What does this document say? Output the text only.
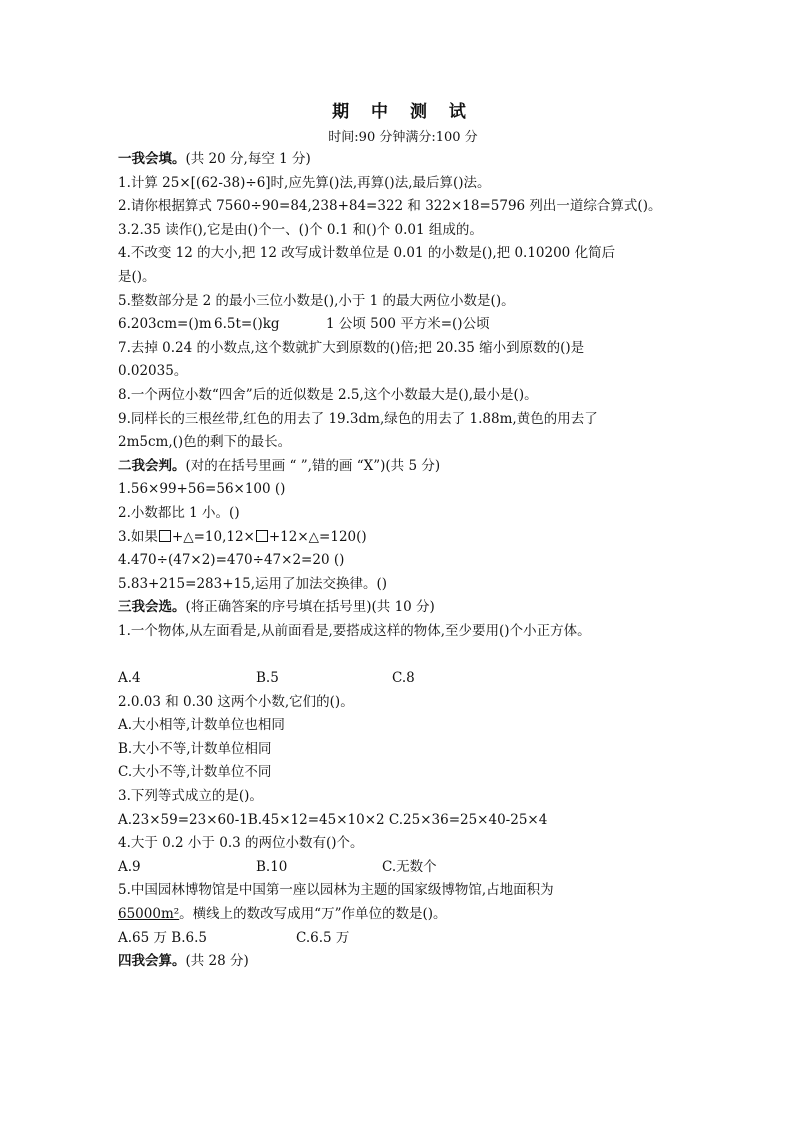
期 中 测 试
时间:90 分钟满分:100 分
一我会填。(共 20 分,每空 1 分)
1.计算 25×[(62-38)÷6]时,应先算()法,再算()法,最后算()法。
2.请你根据算式 7560÷90=84,238+84=322 和 322×18=5796 列出一道综合算式()。
3.2.35 读作(),它是由()个一、()个 0.1 和()个 0.01 组成的。
4.不改变 12 的大小,把 12 改写成计数单位是 0.01 的小数是(),把 0.10200 化简后
是()。
5.整数部分是 2 的最小三位小数是(),小于 1 的最大两位小数是()。
6.203cm=()m 6.5t=()kg	1 公顷 500 平方米=()公顷
7.去掉 0.24 的小数点,这个数就扩大到原数的()倍;把 20.35 缩小到原数的()是
0.02035。
8.一个两位小数“四舍”后的近似数是 2.5,这个小数最大是(),最小是()。
9.同样长的三根丝带,红色的用去了 19.3dm,绿色的用去了 1.88m,黄色的用去了
2m5cm,()色的剩下的最长。
二我会判。(对的在括号里画 “ ”,错的画 “X”)(共 5 分)
1.56×99+56=56×100 ()
2.小数都比 1 小。()
3.如果 +△=10,12× +12×△=120()
4.470÷(47×2)=470÷47×2=20 ()
5.83+215=283+15,运用了加法交换律。()
三我会选。(将正确答案的序号填在括号里)(共 10 分)
1.一个物体,从左面看是,从前面看是,要搭成这样的物体,至少要用()个小正方体。
A.4	B.5	C.8
2.0.03 和 0.30 这两个小数,它们的()。
A.大小相等,计数单位也相同
B.大小不等,计数单位相同
C.大小不等,计数单位不同
3.下列等式成立的是()。
A.23×59=23×60-1B.45×12=45×10×2 C.25×36=25×40-25×4
4.大于 0.2 小于 0.3 的两位小数有()个。
A.9	B.10	C.无数个
5.中国园林博物馆是中国第一座以园林为主题的国家级博物馆,占地面积为
65000m²。横线上的数改写成用“万”作单位的数是()。
A.65 万 B.6.5	C.6.5 万
四我会算。(共 28 分)
